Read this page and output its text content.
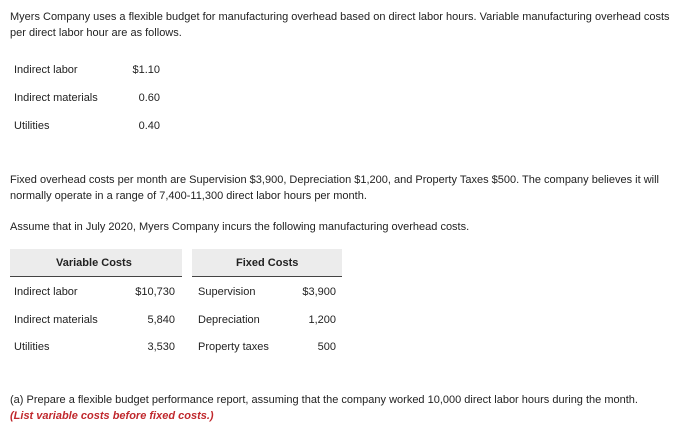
Myers Company uses a flexible budget for manufacturing overhead based on direct labor hours. Variable manufacturing overhead costs per direct labor hour are as follows.

Indirect labor	$1.10
Indirect materials	0.60
Utilities	0.40

Fixed overhead costs per month are Supervision $3,900, Depreciation $1,200, and Property Taxes $500. The company believes it will normally operate in a range of 7,400-11,300 direct labor hours per month.

Assume that in July 2020, Myers Company incurs the following manufacturing overhead costs.

Variable Costs	Fixed Costs
Indirect labor	$10,730 Supervision	$3,900
Indirect materials	5,840 Depreciation	1,200
Utilities	3,530 Property taxes	500

(a) Prepare a flexible budget performance report, assuming that the company worked 10,000 direct labor hours during the month.
(List variable costs before fixed costs.)
